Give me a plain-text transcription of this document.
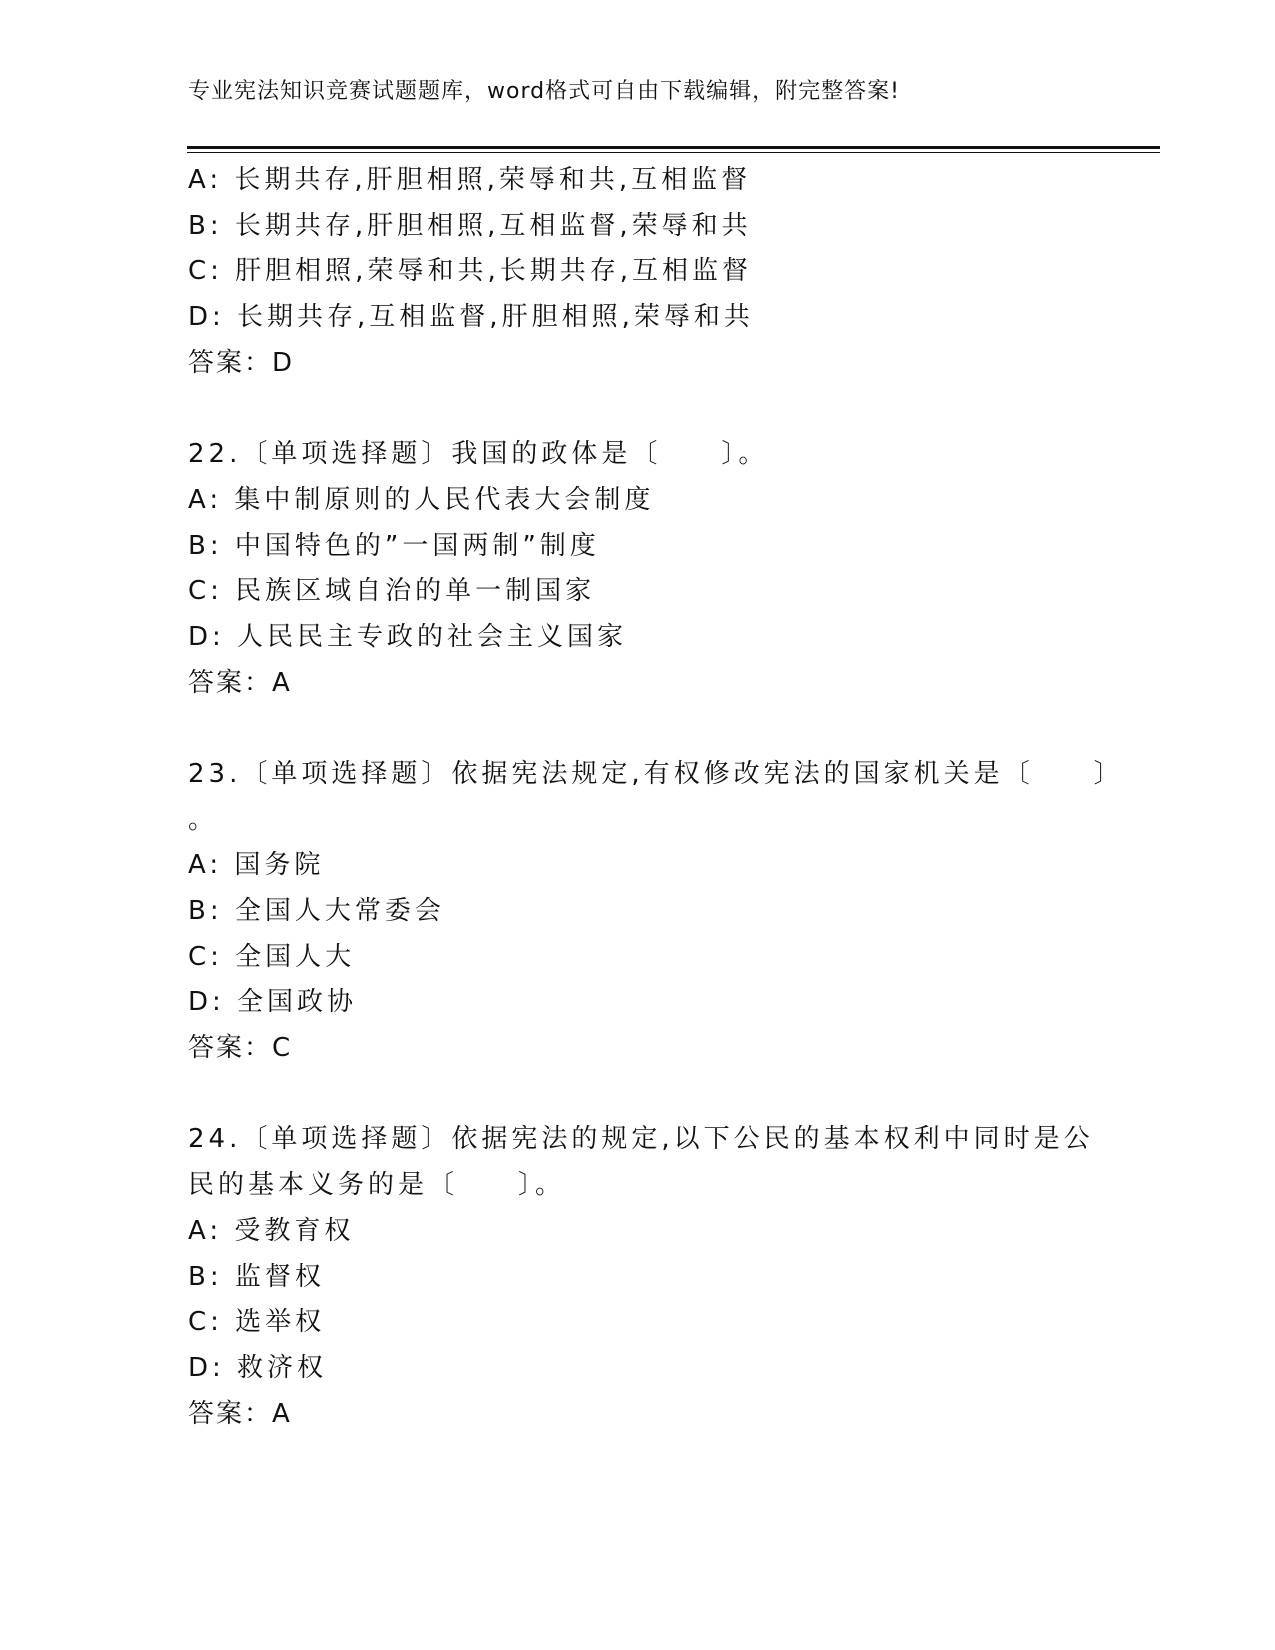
专业宪法知识竞赛试题题库，word格式可自由下载编辑，附完整答案!
A: 长期共存,肝胆相照,荣辱和共,互相监督
B: 长期共存,肝胆相照,互相监督,荣辱和共
C: 肝胆相照,荣辱和共,长期共存,互相监督
D: 长期共存,互相监督,肝胆相照,荣辱和共
答案：D
22.〔单项选择题〕我国的政体是〔　　〕。
A: 集中制原则的人民代表大会制度
B: 中国特色的”一国两制”制度
C: 民族区域自治的单一制国家
D: 人民民主专政的社会主义国家
答案：A
23.〔单项选择题〕依据宪法规定,有权修改宪法的国家机关是〔　　〕
。
A: 国务院
B: 全国人大常委会
C: 全国人大
D: 全国政协
答案：C
24.〔单项选择题〕依据宪法的规定,以下公民的基本权利中同时是公
民的基本义务的是〔　　〕。
A: 受教育权
B: 监督权
C: 选举权
D: 救济权
答案：A
